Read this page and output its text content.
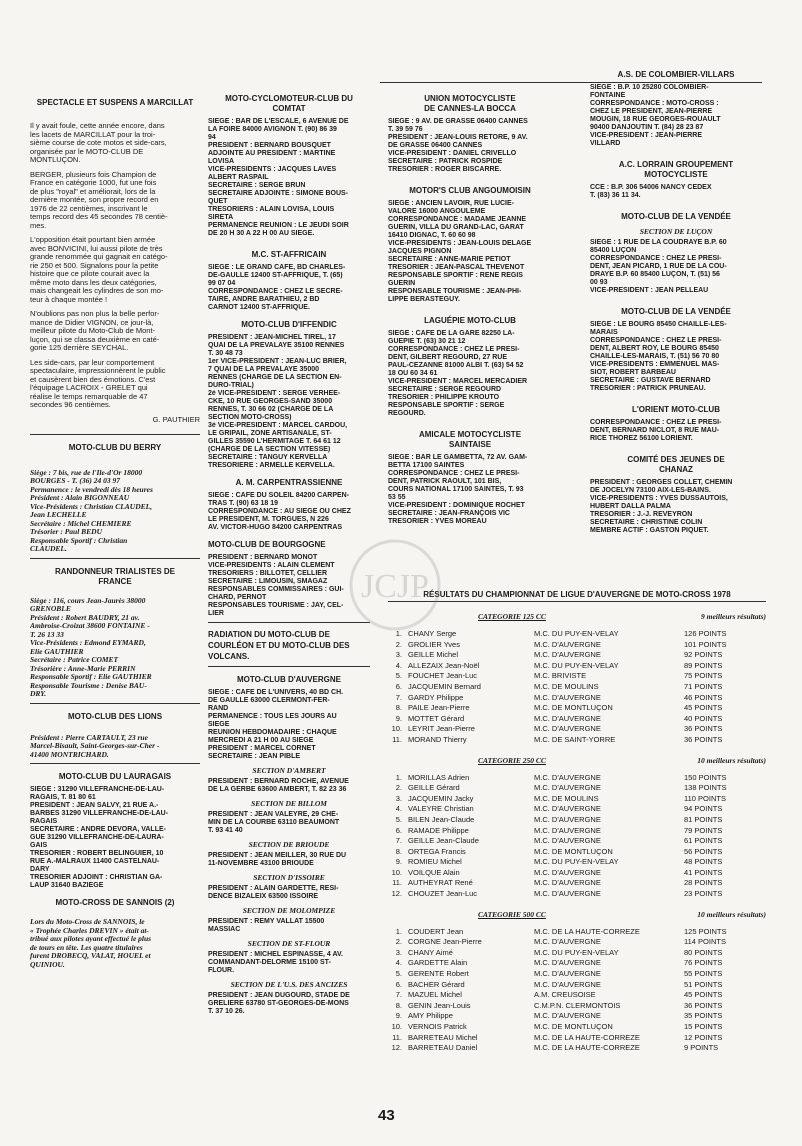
SPECTACLE ET SUSPENS A MARCILLAT
Il y avait foule, cette année encore, dans
les lacets de MARCILLAT pour la troi-
sième course de cote motos et side-cars,
organisée par le MOTO-CLUB DE
MONTLUÇON.
BERGER, plusieurs fois Champion de
France en catégorie 1000, fut une fois
de plus "royal" et améliorait, lors de la
dernière montée, son propre record en
1976 de 22 centièmes, inscrivant le
temps record des 45 secondes 78 centiè-
mes.
L'opposition était pourtant bien armée
avec BONVICINI, lui aussi pilote de très
grande renommée qui gagnait en catégo-
rie 250 et 500. Signalons pour la petite
histoire que ce pilote courait avec la
même moto dans les deux catégories,
mais changeait les cylindres de son mo-
teur à chaque montée !
N'oublions pas non plus la belle perfor-
mance de Didier VIGNON, ce jour-là,
meilleur pilote du Moto-Club de Mont-
luçon, qui se classa deuxième en caté-
gorie 125 derrière SEYCHAL.
Les side-cars, par leur comportement
spectaculaire, impressionnèrent le public
et causèrent bien des émotions. C'est
l'équipage LACROIX - GRELET qui
réalise le temps remarquable de 47
secondes 96 centièmes.
G. PAUTHIER
MOTO-CLUB DU BERRY
Siège : 7 bis, rue de l'Ile-d'Or 18000
BOURGES - T. (36) 24 03 97
Permanence : le vendredi dès 18 heures
Président : Alain BIGONNEAU
Vice-Présidents : Christian CLAUDEL,
Jean LECHELLE
Secrétaire : Michel CHEMIERE
Trésorier : Paul BEDU
Responsable Sportif : Christian
CLAUDEL.
RANDONNEUR TRIALISTES DE FRANCE
Siège : 116, cours Jean-Jaurès 38000
GRENOBLE
Président : Robert BAUDRY, 21 av.
Ambroise-Croizat 38600 FONTAINE -
T. 26 13 33
Vice-Présidents : Edmond EYMARD,
Elie GAUTHIER
Secrétaire : Patrice COMET
Trésorière : Anne-Marie PERRIN
Responsable Sportif : Elie GAUTHIER
Responsable Tourisme : Denise BAU-
DRY.
MOTO-CLUB DES LIONS
Président : Pierre CARTAULT, 23 rue
Marcel-Bisault, Saint-Georges-sur-Cher -
41400 MONTRICHARD.
MOTO-CLUB DU LAURAGAIS
SIEGE : 31290 VILLEFRANCHE-DE-LAU-
RAGAIS, T. 81 80 61
PRÉSIDENT : JEAN SALVY, 21 RUE A.-
BARBES 31290 VILLEFRANCHE-DE-LAU-
RAGAIS
SECRETAIRE : ANDRÉ DEVORA, VALLE-
GUE 31290 VILLEFRANCHE-DE-LAURA-
GAIS
TRESORIER : ROBERT BELINGUIER, 10
RUE A.-MALRAUX 11400 CASTELNAU-
DARY
TRESORIER ADJOINT : CHRISTIAN GA-
LAUP 31640 BAZIEGE
MOTO-CROSS DE SANNOIS (2)
Lors du Moto-Cross de SANNOIS, le
« Trophée Charles DREVIN » était at-
tribué aux pilotes ayant effectué le plus
de tours en tête. Les quatre titulaires
furent DROBECQ, VALAT, HOUEL et
QUINIOU.
MOTO-CYCLOMOTEUR-CLUB DU COMTAT
SIEGE : BAR DE L'ESCALE, 6 AVENUE DE
LA FOIRE 84000 AVIGNON T. (90) 86 39
94
PRÉSIDENT : BERNARD BOUSQUET
ADJOINTE AU PRÉSIDENT : MARTINE
LOVISA
VICE-PRÉSIDENTS : JACQUES LAVES
ALBERT RASPAIL
SECRÉTAIRE : SERGE BRUN
SECRÉTAIRE ADJOINTE : SIMONE BOUS-
QUET
TRÉSORIERS : ALAIN LOVISA, LOUIS
SIRETA
PERMANENCE RÉUNION : LE JEUDI SOIR
DE 20 H 30 A 22 H 00 AU SIEGE.
M.C. ST-AFFRICAIN
SIEGE : LE GRAND CAFÉ, BD CHARLES-
DE-GAULLE 12400 ST-AFFRIQUE, T. (65)
99 07 04
CORRESPONDANCE : CHEZ LE SECRÉ-
TAIRE, ANDRÉ BARATHIEU, 2 BD
CARNOT 12400 ST-AFFRIQUE.
MOTO-CLUB D'IFFENDIC
PRÉSIDENT : JEAN-MICHEL TIREL, 17
QUAI DE LA PRÉVALAYE 35100 RENNES
T. 30 48 73
1er VICE-PRÉSIDENT : JEAN-LUC BRIER,
7 QUAI DE LA PRÉVALAYE 35000
RENNES (CHARGÉ DE LA SECTION EN-
DURO-TRIAL)
2è VICE-PRÉSIDENT : SERGE VERHEE-
CKE, 10 RUE GEORGES-SAND 35000
RENNES, T. 30 66 02 (CHARGÉ DE LA
SECTION MOTO-CROSS)
3è VICE-PRÉSIDENT : MARCEL CARDOU,
LE GRIPAIL, ZONE ARTISANALE, ST-
GILLES 35590 L'HERMITAGE T. 64 61 12
(CHARGÉ DE LA SECTION VITESSE)
SECRÉTAIRE : TANGUY KERVELLA
TRÉSORIÈRE : ARMELLE KERVELLA.
A. M. CARPENTRASSIENNE
SIEGE : CAFÉ DU SOLEIL 84200 CARPEN-
TRAS T. (90) 63 18 19
CORRESPONDANCE : AU SIEGE OU CHEZ
LE PRÉSIDENT, M. TORGUES, N 226
AV. VICTOR-HUGO 84200 CARPENTRAS
MOTO-CLUB DE BOURGOGNE
PRÉSIDENT : BERNARD MONOT
VICE-PRÉSIDENTS : ALAIN CLEMENT
TRÉSORIERS : BILLOTET, CELLIER
SECRÉTAIRE : LIMOUSIN, SMAGAZ
RESPONSABLES COMMISSAIRES : GUI-
CHARD, PERNOT
RESPONSABLES TOURISME : JAY, CEL-
LIER
RADIATION DU MOTO-CLUB DE COURLÉON ET DU MOTO-CLUB DES VOLCANS.
MOTO-CLUB D'AUVERGNE
SIEGE : CAFÉ DE L'UNIVERS, 40 BD CH.
DE GAULLE 63000 CLERMONT-FER-
RAND
PERMANENCE : TOUS LES JOURS AU
SIÈGE
RÉUNION HEBDOMADAIRE : CHAQUE
MERCREDI A 21 H 00 AU SIEGE
PRÉSIDENT : MARCEL CORNET
SECRÉTAIRE : JEAN PIBLE
SECTION D'AMBERT
PRÉSIDENT : BERNARD ROCHE, AVENUE
DE LA GERBE 63600 AMBERT, T. 82 23 36
SECTION DE BILLOM
PRÉSIDENT : JEAN VALEYRE, 29 CHE-
MIN DE LA COURBE 63110 BEAUMONT
T. 93 41 40
SECTION DE BRIOUDE
PRÉSIDENT : JEAN MEILLER, 30 RUE DU
11-NOVEMBRE 43100 BRIOUDE
SECTION D'ISSOIRE
PRÉSIDENT : ALAIN GARDETTE, RÉSI-
DENCE BIZALEIX 63500 ISSOIRE
SECTION DE MOLOMPIZE
PRÉSIDENT : RÉMY VALLAT 15500
MASSIAC
SECTION DE ST-FLOUR
PRÉSIDENT : MICHEL ESPINASSE, 4 AV.
COMMANDANT-DELORME 15100 ST-
FLOUR.
SECTION DE L'U.S. DES ANCIZES
PRÉSIDENT : JEAN DUGOURD, STADE DE
GRELIERE 63780 ST-GEORGES-DE-MONS
T. 37 10 26.
UNION MOTOCYCLISTE DE CANNES-LA BOCCA
SIEGE : 9 AV. DE GRASSE 06400 CANNES
T. 39 59 76
PRÉSIDENT : JEAN-LOUIS RÉTORÉ, 9 AV.
DE GRASSE 06400 CANNES
VICE-PRÉSIDENT : DANIEL CRIVELLO
SECRÉTAIRE : PATRICK ROSPIDE
TRÉSORIER : ROGER BISCARRE.
MOTOR'S CLUB ANGOUMOISIN
SIEGE : ANCIEN LAVOIR, RUE LUCIE-
VALORE 16000 ANGOULEME
CORRESPONDANCE : MADAME JEANNE
GUÉRIN, VILLA DU GRAND-LAC, GARAT
16410 DIGNAC, T. 60 60 98
VICE-PRÉSIDENTS : JEAN-LOUIS DELAGE
JACQUES PIGNON
SECRÉTAIRE : ANNE-MARIE PETIOT
TRÉSORIER : JEAN-PASCAL THEVENOT
RESPONSABLE SPORTIF : RENÉ RÉGIS
GUÉRIN
RESPONSABLE TOURISME : JEAN-PHI-
LIPPE BÉRASTEGUY.
LAGUÉPIE MOTO-CLUB
SIEGE : CAFÉ DE LA GARE 82250 LA-
GUEPIE T. (63) 30 21 12
CORRESPONDANCE : CHEZ LE PRÉSI-
DENT, GILBERT REGOURD, 27 RUE
PAUL-CEZANNE 81000 ALBI T. (63) 54 52
18 OU 60 34 61
VICE-PRÉSIDENT : MARCEL MERCADIER
SECRÉTAIRE : SERGE REGOURD
TRÉSORIER : PHILIPPE KROUTO
RESPONSABLE SPORTIF : SERGE
REGOURD.
AMICALE MOTOCYCLISTE SAINTAISE
SIEGE : BAR LE GAMBETTA, 72 AV. GAM-
BETTA 17100 SAINTES
CORRESPONDANCE : CHEZ LE PRÉSI-
DENT, PATRICK RAOULT, 101 BIS,
COURS NATIONAL 17100 SAINTES, T. 93
53 55
VICE-PRÉSIDENT : DOMINIQUE ROCHET
SECRÉTAIRE : JEAN-FRANÇOIS VIC
TRÉSORIER : YVES MOREAU
A.S. DE COLOMBIER-VILLARS
SIEGE : B.P. 10 25280 COLOMBIER-
FONTAINE
CORRESPONDANCE : MOTO-CROSS :
CHEZ LE PRÉSIDENT, JEAN-PIERRE
MOUGIN, 18 RUE GEORGES-ROUAULT
90400 DANJOUTIN T. (84) 28 23 87
VICE-PRÉSIDENT : JEAN-PIERRE
VILLARD
A.C. LORRAIN GROUPEMENT MOTOCYCLISTE
CCE : B.P. 306 54006 NANCY CÉDEX
T. (83) 36 11 34.
MOTO-CLUB DE LA VENDÉE
SECTION DE LUÇON
SIEGE : 1 RUE DE LA COUDRAYE B.P. 60
85400 LUÇON
CORRESPONDANCE : CHEZ LE PRÉSI-
DENT, JEAN PICARD, 1 RUE DE LA COU-
DRAYE B.P. 60 85400 LUÇON, T. (51) 56
00 93
VICE-PRÉSIDENT : JEAN PELLEAU
MOTO-CLUB DE LA VENDÉE
SIEGE : LE BOURG 85450 CHAILLÉ-LES-
MARAIS
CORRESPONDANCE : CHEZ LE PRÉSI-
DENT, ALBERT ROY, LE BOURG 85450
CHAILLÉ-LES-MARAIS, T. (51) 56 70 80
VICE-PRÉSIDENTS : EMMENUEL MAS-
SIOT, ROBERT BARBEAU
SECRÉTAIRE : GUSTAVE BERNARD
TRÉSORIER : PATRICK PRUNEAU.
L'ORIENT MOTO-CLUB
CORRESPONDANCE : CHEZ LE PRÉSI-
DENT, BERNARD NICLOT, 8 RUE MAU-
RICE THOREZ 56100 LORIENT.
COMITÉ DES JEUNES DE CHANAZ
PRÉSIDENT : GEORGES COLLET, CHEMIN
DE JOCELYN 73100 AIX-LES-BAINS.
VICE-PRÉSIDENTS : YVES DUSSAUTOIS,
HUBERT DALLA PALMA
TRÉSORIER : J.-J. REVEYRON
SECRÉTAIRE : CHRISTINE COLIN
MEMBRE ACTIF : GASTON PIQUET.
RÉSULTATS DU CHAMPIONNAT DE LIGUE D'AUVERGNE DE MOTO-CROSS 1978
CATEGORIE 125 CC	9 meilleurs résultats)
1. CHANY Serge	M.C. DU PUY-EN-VELAY	126 POINTS
2. GROLIER Yves	M.C. D'AUVERGNE	101 POINTS
3. GEILLE Michel	M.C. D'AUVERGNE	92 POINTS
4. ALLEZAIX Jean-Noël	M.C. DU PUY-EN-VELAY	89 POINTS
5. FOUCHET Jean-Luc	M.C. BRIVISTE	75 POINTS
6. JACQUEMIN Bernard	M.C. DE MOULINS	71 POINTS
7. GARDY Philippe	M.C. D'AUVERGNE	46 POINTS
8. PAILE Jean-Pierre	M.C. DE MONTLUÇON	45 POINTS
9. MOTTET Gérard	M.C. D'AUVERGNE	40 POINTS
10. LEYRIT Jean-Pierre	M.C. D'AUVERGNE	36 POINTS
11. MORAND Thierry	M.C. DE SAINT-YORRE	36 POINTS
CATEGORIE 250 CC	10 meilleurs résultats)
1. MORILLAS Adrien	M.C. D'AUVERGNE	150 POINTS
2. GEILLE Gérard	M.C. D'AUVERGNE	138 POINTS
3. JACQUEMIN Jacky	M.C. DE MOULINS	110 POINTS
4. VALEYRE Christian	M.C. D'AUVERGNE	94 POINTS
5. BILEN Jean-Claude	M.C. D'AUVERGNE	81 POINTS
6. RAMADE Philippe	M.C. D'AUVERGNE	79 POINTS
7. GEILLE Jean-Claude	M.C. D'AUVERGNE	61 POINTS
8. ORTEGA Francis	M.C. DE MONTLUÇON	56 POINTS
9. ROMIEU Michel	M.C. DU PUY-EN-VELAY	48 POINTS
10. VOILQUE Alain	M.C. D'AUVERGNE	41 POINTS
11. AUTHEYRAT René	M.C. D'AUVERGNE	28 POINTS
12. CHOUZET Jean-Luc	M.C. D'AUVERGNE	23 POINTS
CATEGORIE 500 CC	10 meilleurs résultats)
1. COUDERT Jean	M.C. DE LA HAUTE-CORREZE	125 POINTS
2. CORGNE Jean-Pierre	M.C. D'AUVERGNE	114 POINTS
3. CHANY Aimé	M.C. DU PUY-EN-VELAY	80 POINTS
4. GARDETTE Alain	M.C. D'AUVERGNE	76 POINTS
5. GERENTE Robert	M.C. D'AUVERGNE	55 POINTS
6. BACHER Gérard	M.C. D'AUVERGNE	51 POINTS
7. MAZUEL Michel	A.M. CREUSOISE	45 POINTS
8. GENIN Jean-Louis	C.M.P.N. CLERMONTOIS	36 POINTS
9. AMY Philippe	M.C. D'AUVERGNE	35 POINTS
10. VERNOIS Patrick	M.C. DE MONTLUÇON	15 POINTS
11. BARRETEAU Michel	M.C. DE LA HAUTE-CORREZE	12 POINTS
12. BARRETEAU Daniel	M.C. DE LA HAUTE-CORREZE	9 POINTS
JCJP
43
